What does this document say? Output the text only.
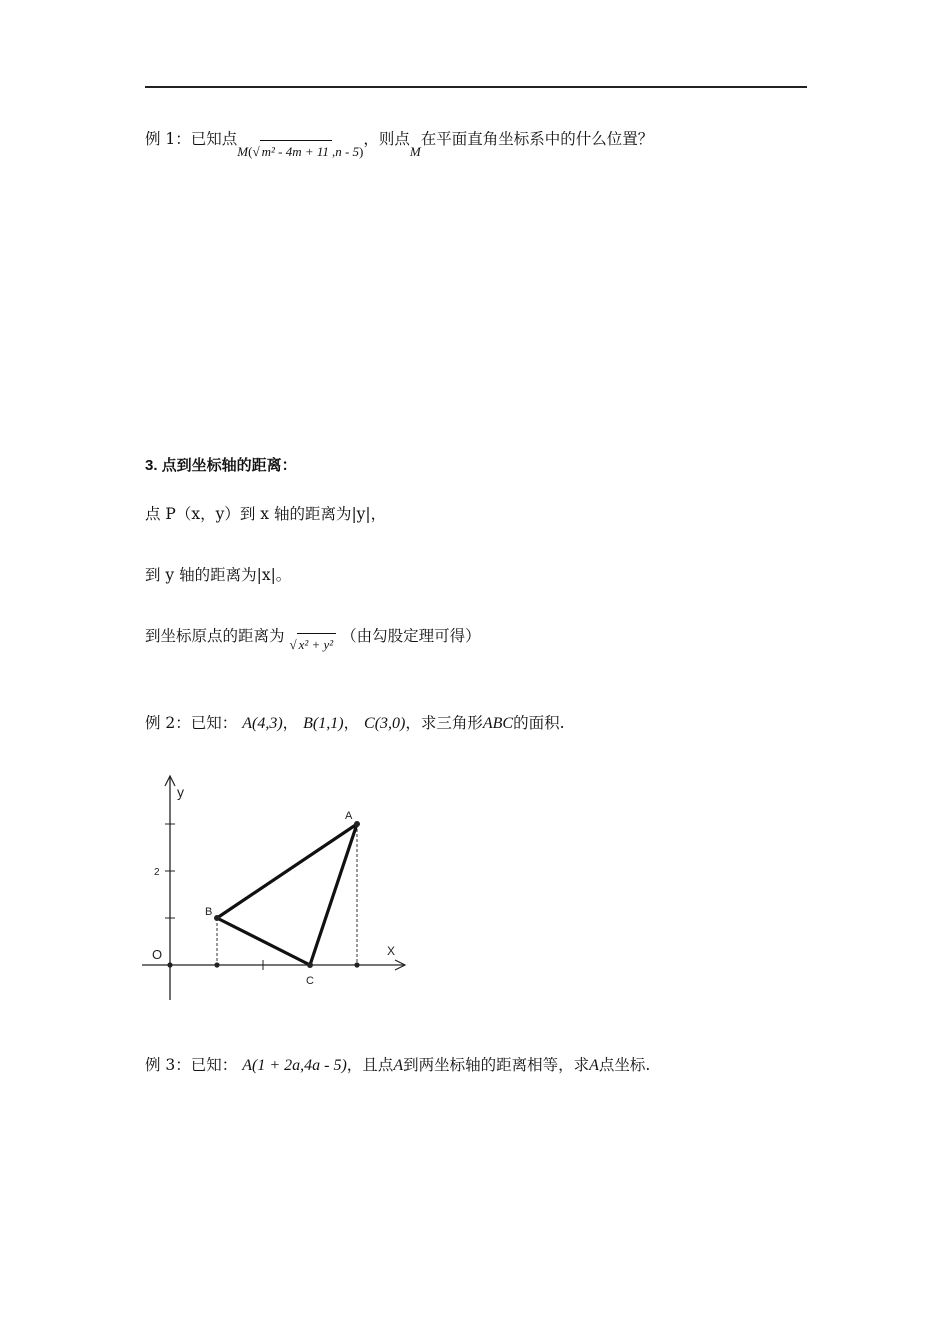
例 1：已知点$_{M(√ m^2 - 4m + 11 ,n - 5)}$，则点$_M$在平面直角坐标系中的什么位置？
3. 点到坐标轴的距离：
点 P（x，y）到 x 轴的距离为|y|，
到 y 轴的距离为|x|。
到坐标原点的距离为 $_{√ x^2 + y^2}$ （由勾股定理可得）
例 2：已知： A(4,3)， B(1,1)， C(3,0)，求三角形ABC的面积.
y
X
O
2
A
B
C
例 3：已知： A(1 + 2a,4a - 5)，且点A到两坐标轴的距离相等，求A点坐标.
